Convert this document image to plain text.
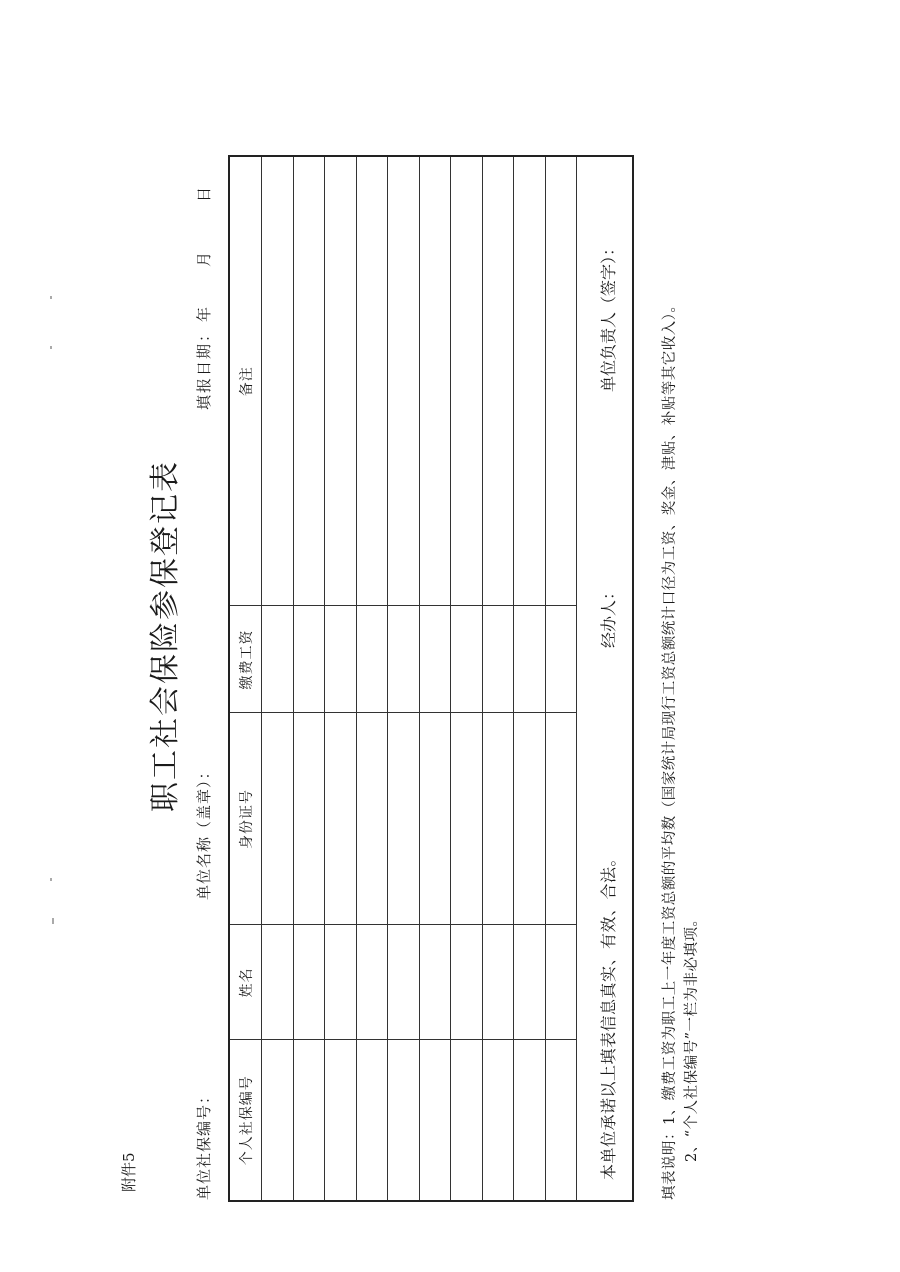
附件5
职工社会保险参保登记表
单位社保编号：
单位名称（盖章）：
填报日期：
年
月
日
个人社保编号	姓名	身份证号	缴费工资	备注

本单位承诺以上填表信息真实、有效、合法。
经办人：
单位负责人（签字）：	填表说明：1、缴费工资为职工上一年度工资总额的平均数（国家统计局现行工资总额统计口径为工资、奖金、津贴、补贴等其它收入）。 2、“个人社保编号”一栏为非必填项。
